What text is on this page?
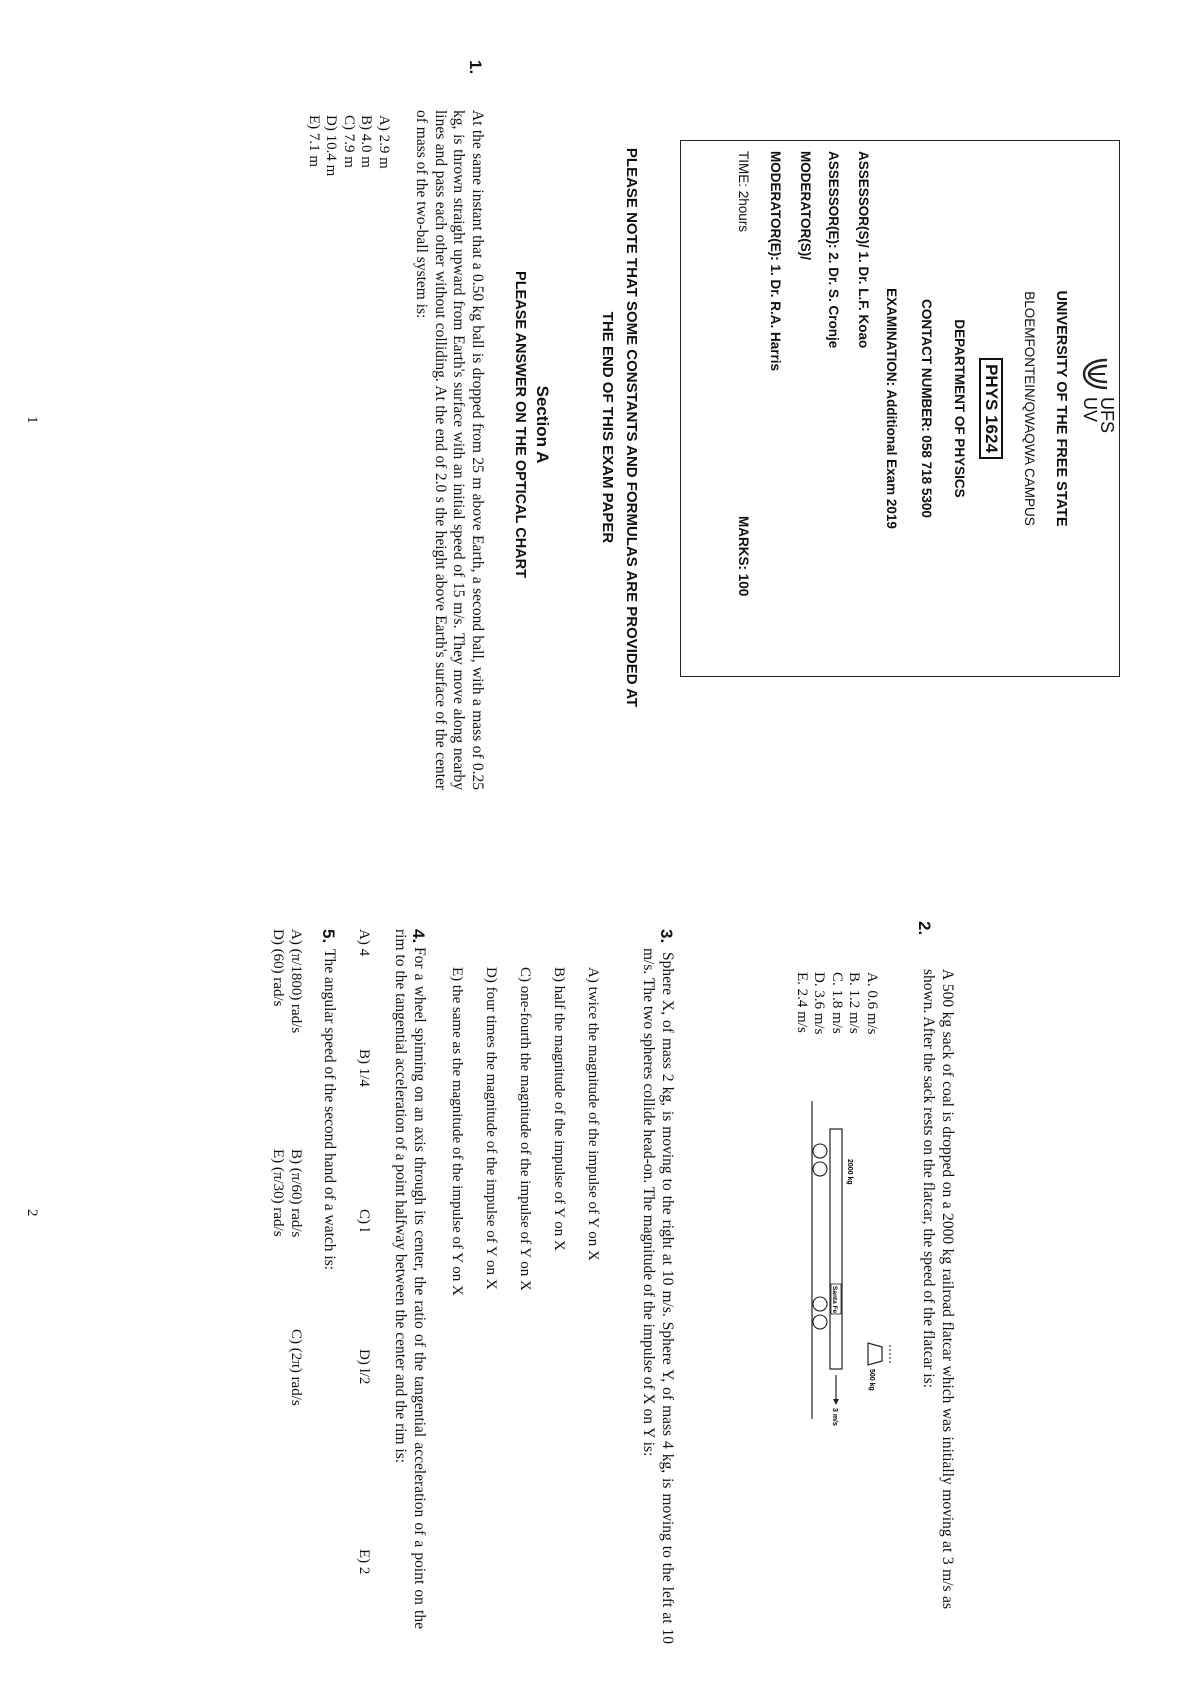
UFS UV
UNIVERSITY OF THE FREE STATE
BLOEMFONTEIN/QWAQWA CAMPUS
PHYS 1624
DEPARTMENT OF PHYSICS
CONTACT NUMBER: 058 718 5300
EXAMINATION: Additional Exam 2019
ASSESSOR(S)/ 1. Dr. L.F. Koao
ASSESSOR(E): 2. Dr. S. Cronje
MODERATOR(S)/
MODERATOR(E): 1. Dr. R.A. Harris
TIME: 2hours
MARKS: 100
PLEASE NOTE THAT SOME CONSTANTS AND FORMULAS ARE PROVIDED AT
THE END OF THIS EXAM PAPER
Section A
PLEASE ANSWER ON THE OPTICAL CHART
1.
At the same instant that a 0.50 kg ball is dropped from 25 m above Earth, a second ball, with a mass of 0.25 kg, is thrown straight upward from Earth's surface with an initial speed of 15 m/s. They move along nearby lines and pass each other without colliding. At the end of 2.0 s the height above Earth's surface of the center of mass of the two-ball system is:
A) 2.9 m
B) 4.0 m
C) 7.9 m
D) 10.4 m
E) 7.1 m
1
2.
A 500 kg sack of coal is dropped on a 2000 kg railroad flatcar which was initially moving at 3 m/s as shown. After the sack rests on the flatcar, the speed of the flatcar is:
A. 0.6 m/s
B. 1.2 m/s
C. 1.8 m/s
D. 3.6 m/s
E. 2.4 m/s
500 kg
Santa Fe
2000 kg
3 m/s
3.
Sphere X, of mass 2 kg, is moving to the right at 10 m/s. Sphere Y, of mass 4 kg, is moving to the left at 10 m/s. The two spheres collide head-on. The magnitude of the impulse of X on Y is:
A) twice the magnitude of the impulse of Y on X
B) half the magnitude of the impulse of Y on X
C) one-fourth the magnitude of the impulse of Y on X
D) four times the magnitude of the impulse of Y on X
E) the same as the magnitude of the impulse of Y on X
4.
For a wheel spinning on an axis through its center, the ratio of the tangential acceleration of a point on the rim to the tangential acceleration of a point halfway between the center and the rim is:
A) 4
B) 1/4
C) l
D) l/2
E) 2
5.
The angular speed of the second hand of a watch is:
A) (π/1800) rad/s
B) (π/60) rad/s
C) (2π) rad/s
D) (60) rad/s
E) (π/30) rad/s
2
